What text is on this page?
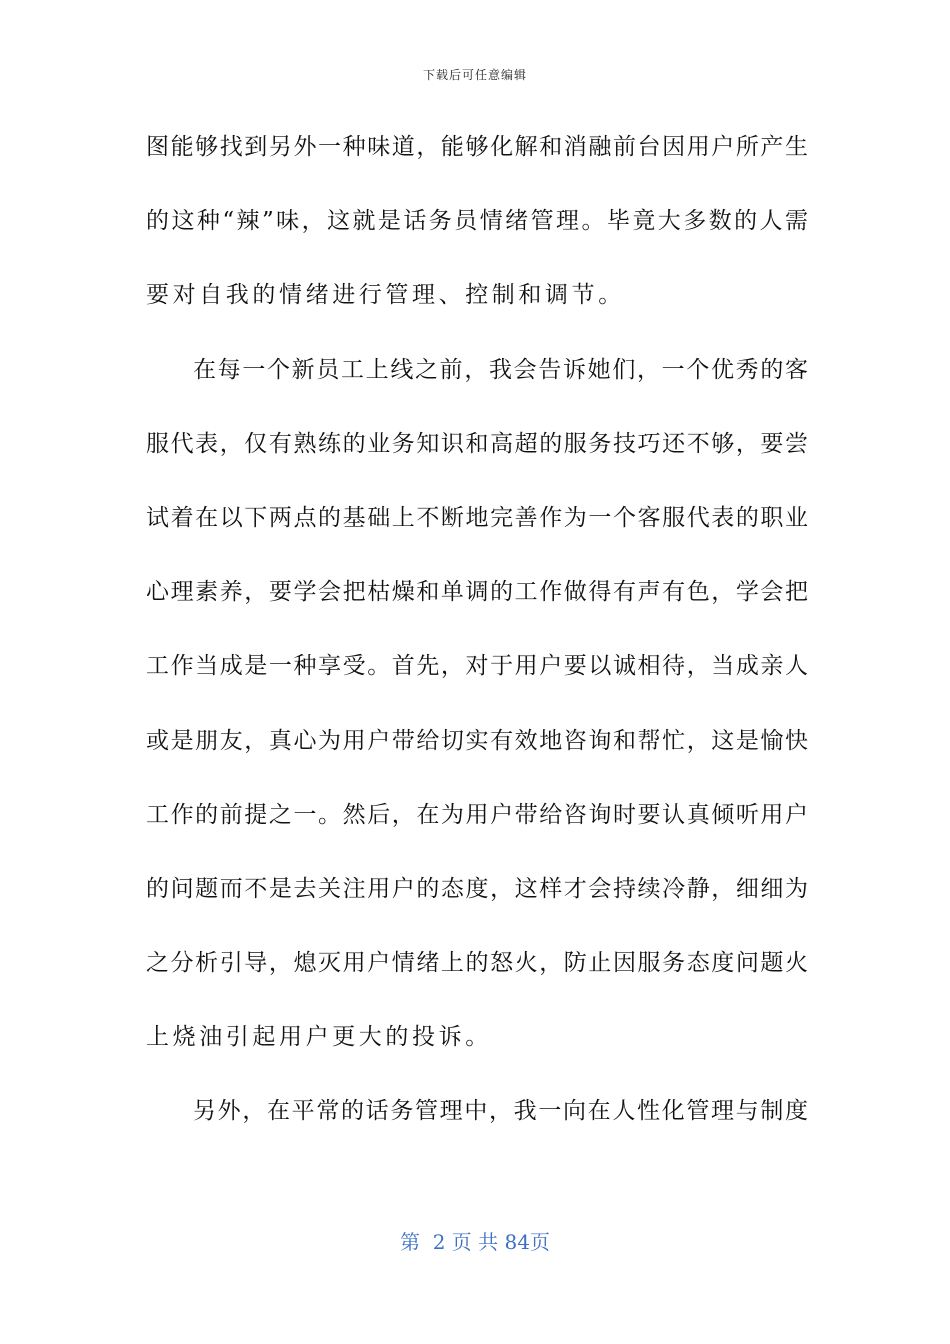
下载后可任意编辑
图能够找到另外一种味道，能够化解和消融前台因用户所产生
的这种“辣”味，这就是话务员情绪管理。毕竟大多数的人需
要对自我的情绪进行管理、控制和调节。
在每一个新员工上线之前，我会告诉她们，一个优秀的客
服代表，仅有熟练的业务知识和高超的服务技巧还不够，要尝
试着在以下两点的基础上不断地完善作为一个客服代表的职业
心理素养，要学会把枯燥和单调的工作做得有声有色，学会把
工作当成是一种享受。首先，对于用户要以诚相待，当成亲人
或是朋友，真心为用户带给切实有效地咨询和帮忙，这是愉快
工作的前提之一。然后，在为用户带给咨询时要认真倾听用户
的问题而不是去关注用户的态度，这样才会持续冷静，细细为
之分析引导，熄灭用户情绪上的怒火，防止因服务态度问题火
上烧油引起用户更大的投诉。
另外，在平常的话务管理中，我一向在人性化管理与制度
第  2 页 共 84页
